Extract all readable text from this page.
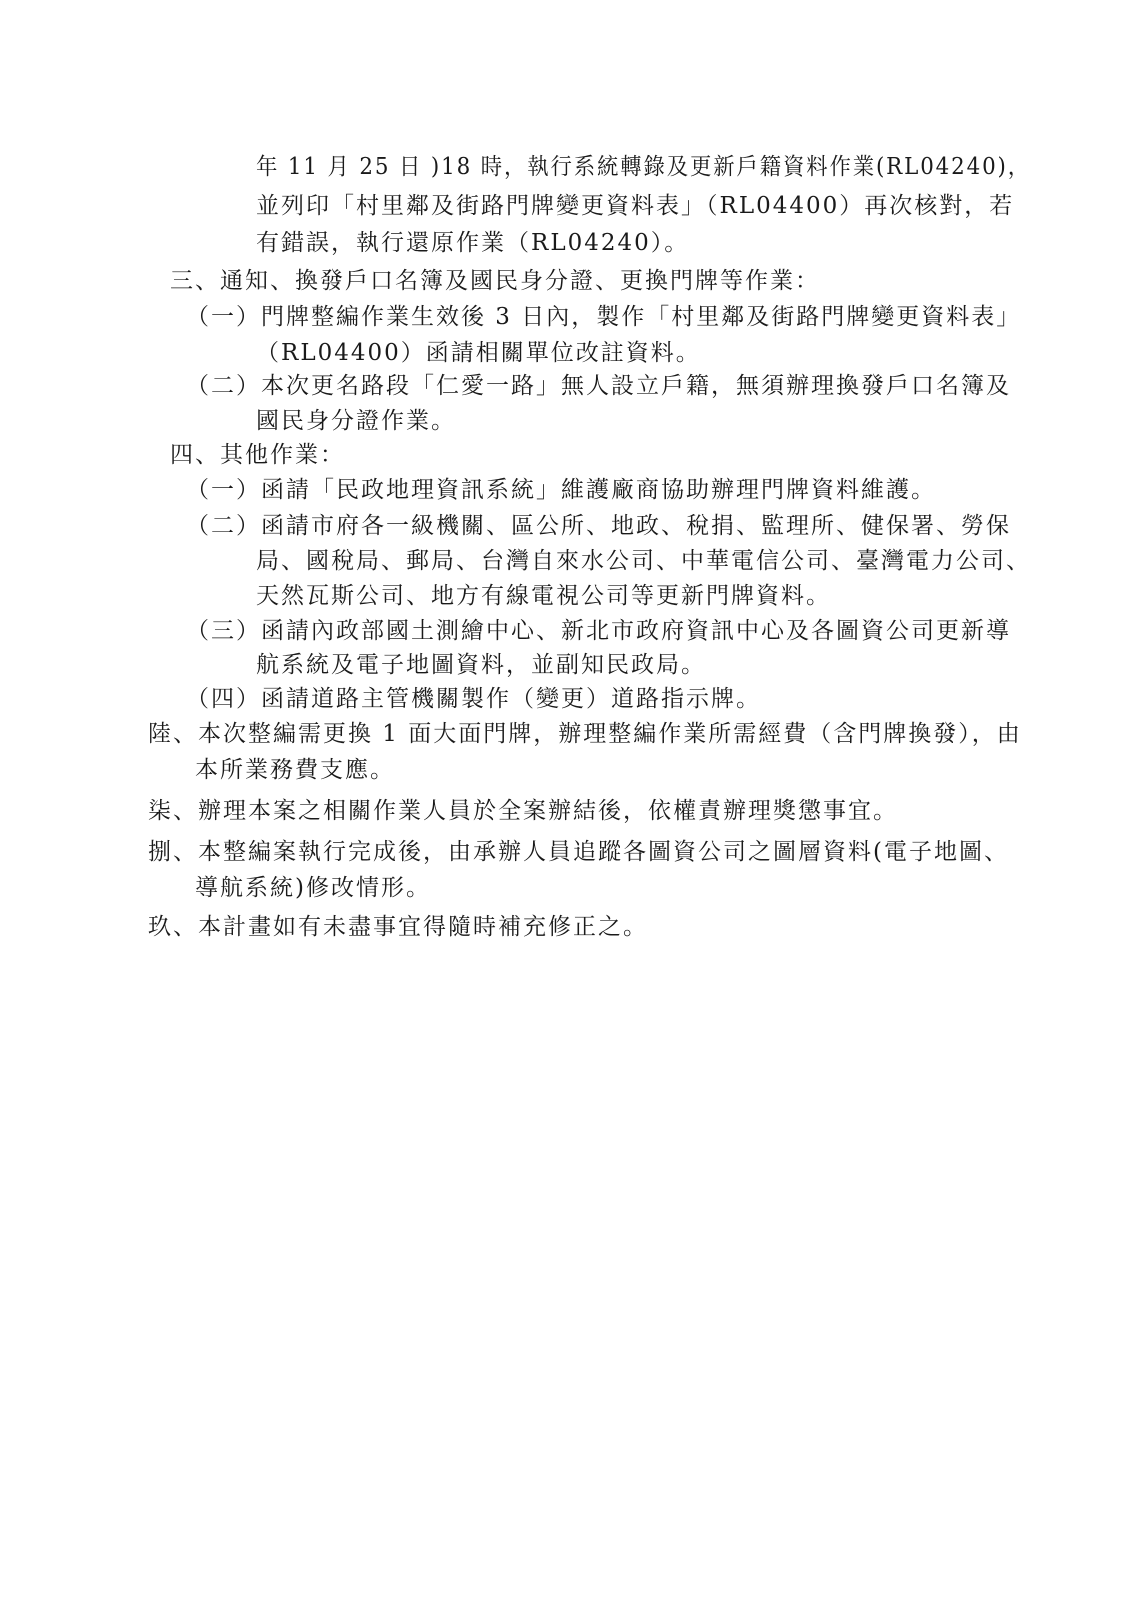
年 11 月 25 日 )18 時，執行系統轉錄及更新戶籍資料作業(RL04240)，
並列印「村里鄰及街路門牌變更資料表」（RL04400）再次核對，若
有錯誤，執行還原作業（RL04240）。
三、通知、換發戶口名簿及國民身分證、更換門牌等作業：
（一）門牌整編作業生效後 3 日內，製作「村里鄰及街路門牌變更資料表」
（RL04400）函請相關單位改註資料。
（二）本次更名路段「仁愛一路」無人設立戶籍，無須辦理換發戶口名簿及
國民身分證作業。
四、其他作業：
（一）函請「民政地理資訊系統」維護廠商協助辦理門牌資料維護。
（二）函請市府各一級機關、區公所、地政、稅捐、監理所、健保署、勞保
局、國稅局、郵局、台灣自來水公司、中華電信公司、臺灣電力公司、
天然瓦斯公司、地方有線電視公司等更新門牌資料。
（三）函請內政部國土測繪中心、新北市政府資訊中心及各圖資公司更新導
航系統及電子地圖資料，並副知民政局。
（四）函請道路主管機關製作（變更）道路指示牌。
陸、本次整編需更換 1 面大面門牌，辦理整編作業所需經費（含門牌換發），由
本所業務費支應。
柒、辦理本案之相關作業人員於全案辦結後，依權責辦理獎懲事宜。
捌、本整編案執行完成後，由承辦人員追蹤各圖資公司之圖層資料(電子地圖、
導航系統)修改情形。
玖、本計畫如有未盡事宜得隨時補充修正之。
